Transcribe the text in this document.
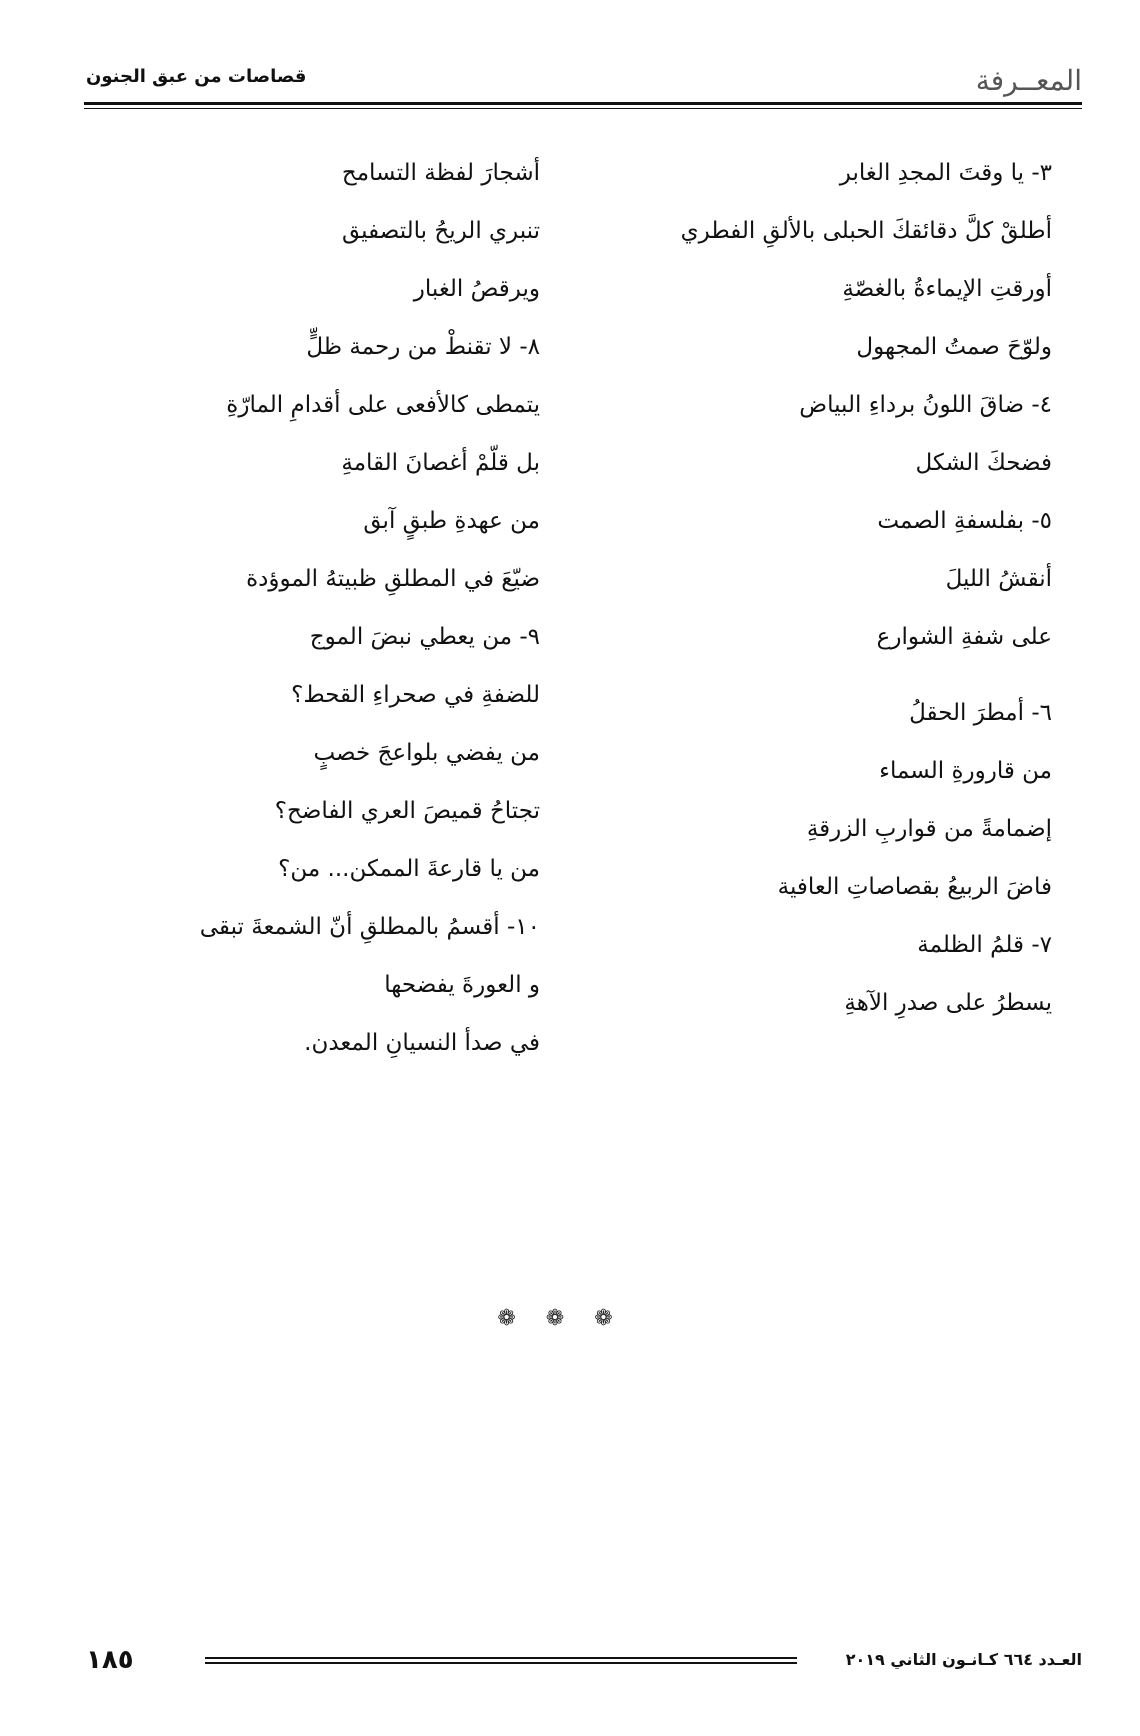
المعــرفة
قصاصات من عبق الجنون
٣- يا وقتَ المجدِ الغابر
أطلقْ كلَّ دقائقكَ الحبلى بالألقِ الفطري
أورقتِ الإيماءةُ بالغصّةِ
ولوّحَ صمتُ المجهول
٤- ضاقَ اللونُ برداءِ البياض
فضحكَ الشكل
٥- بفلسفةِ الصمت
أنقشُ الليلَ
على شفةِ الشوارع
٦- أمطرَ الحقلُ
من قارورةِ السماء
إضمامةً من قواربِ الزرقةِ
فاضَ الربيعُ بقصاصاتِ العافية
٧- قلمُ الظلمة
يسطرُ على صدرِ الآهةِ
أشجارَ لفظة التسامح
تنبري الريحُ بالتصفيق
ويرقصُ الغبار
٨- لا تقنطْ من رحمة ظلٍّ
يتمطى كالأفعى على أقدامِ المارّةِ
بل قلّمْ أغصانَ القامةِ
من عهدةِ طبقٍ آبق
ضيّعَ في المطلقِ ظبيتهُ الموؤدة
٩- من يعطي نبضَ الموج
للضفةِ في صحراءِ القحط؟
من يفضي بلواعجَ خصبٍ
تجتاحُ قميصَ العري الفاضح؟
من يا قارعةَ الممكن... من؟
١٠- أقسمُ بالمطلقِ أنّ الشمعةَ تبقى
و العورةَ يفضحها
في صدأ النسيانِ المعدن.
❁❁❁
١٨٥	العـدد ٦٦٤ كـانـون الثاني ٢٠١٩
